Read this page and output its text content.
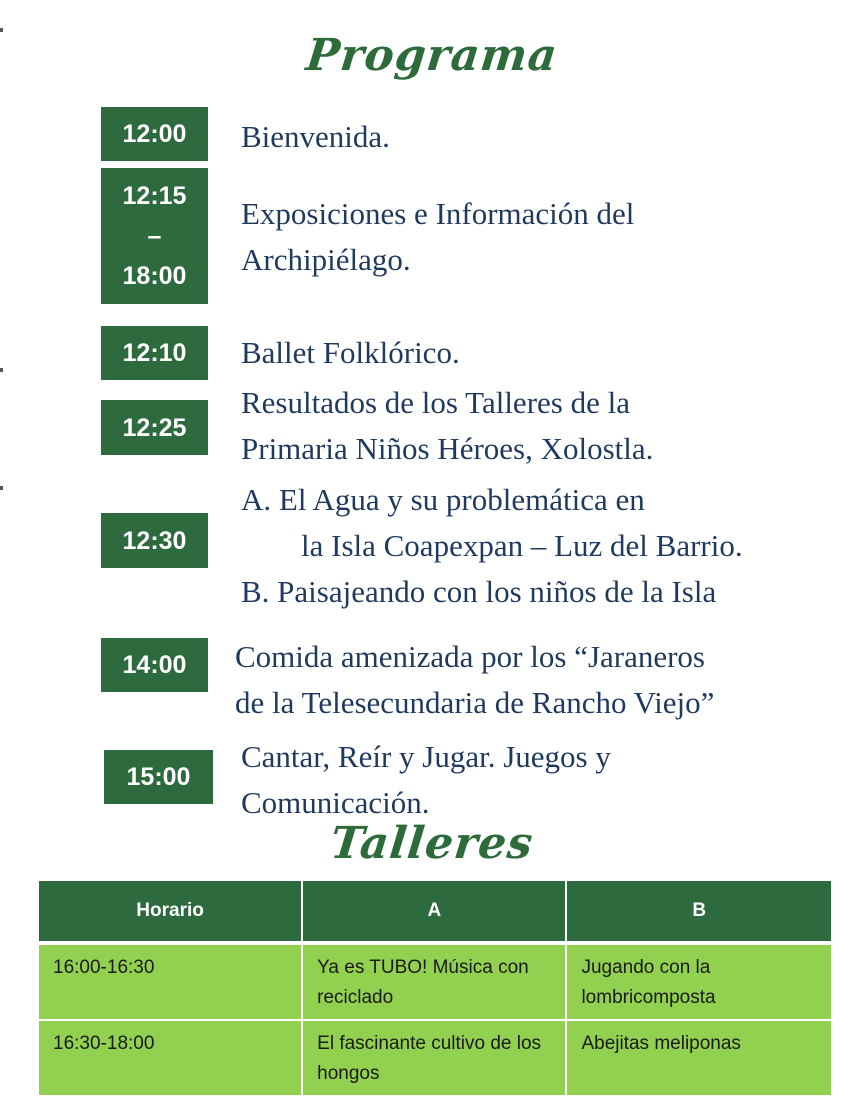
Programa
12:00 Bienvenida.
12:15
–
18:00
Exposiciones e Información del
Archipiélago.
12:10 Ballet Folklórico.
12:25
Resultados de los Talleres de la
Primaria Niños Héroes, Xolostla.
12:30
A. El Agua y su problemática en
la Isla Coapexpan – Luz del Barrio.
B. Paisajeando con los niños de la Isla
14:00 Comida amenizada por los “Jaraneros
de la Telesecundaria de Rancho Viejo”
15:00
Cantar, Reír y Jugar. Juegos y
Comunicación.
Talleres
Horario	A	B
16:00-16:30	Ya es TUBO! Música con reciclado	Jugando con la lombricomposta
16:30-18:00	El fascinante cultivo de los hongos	Abejitas meliponas
